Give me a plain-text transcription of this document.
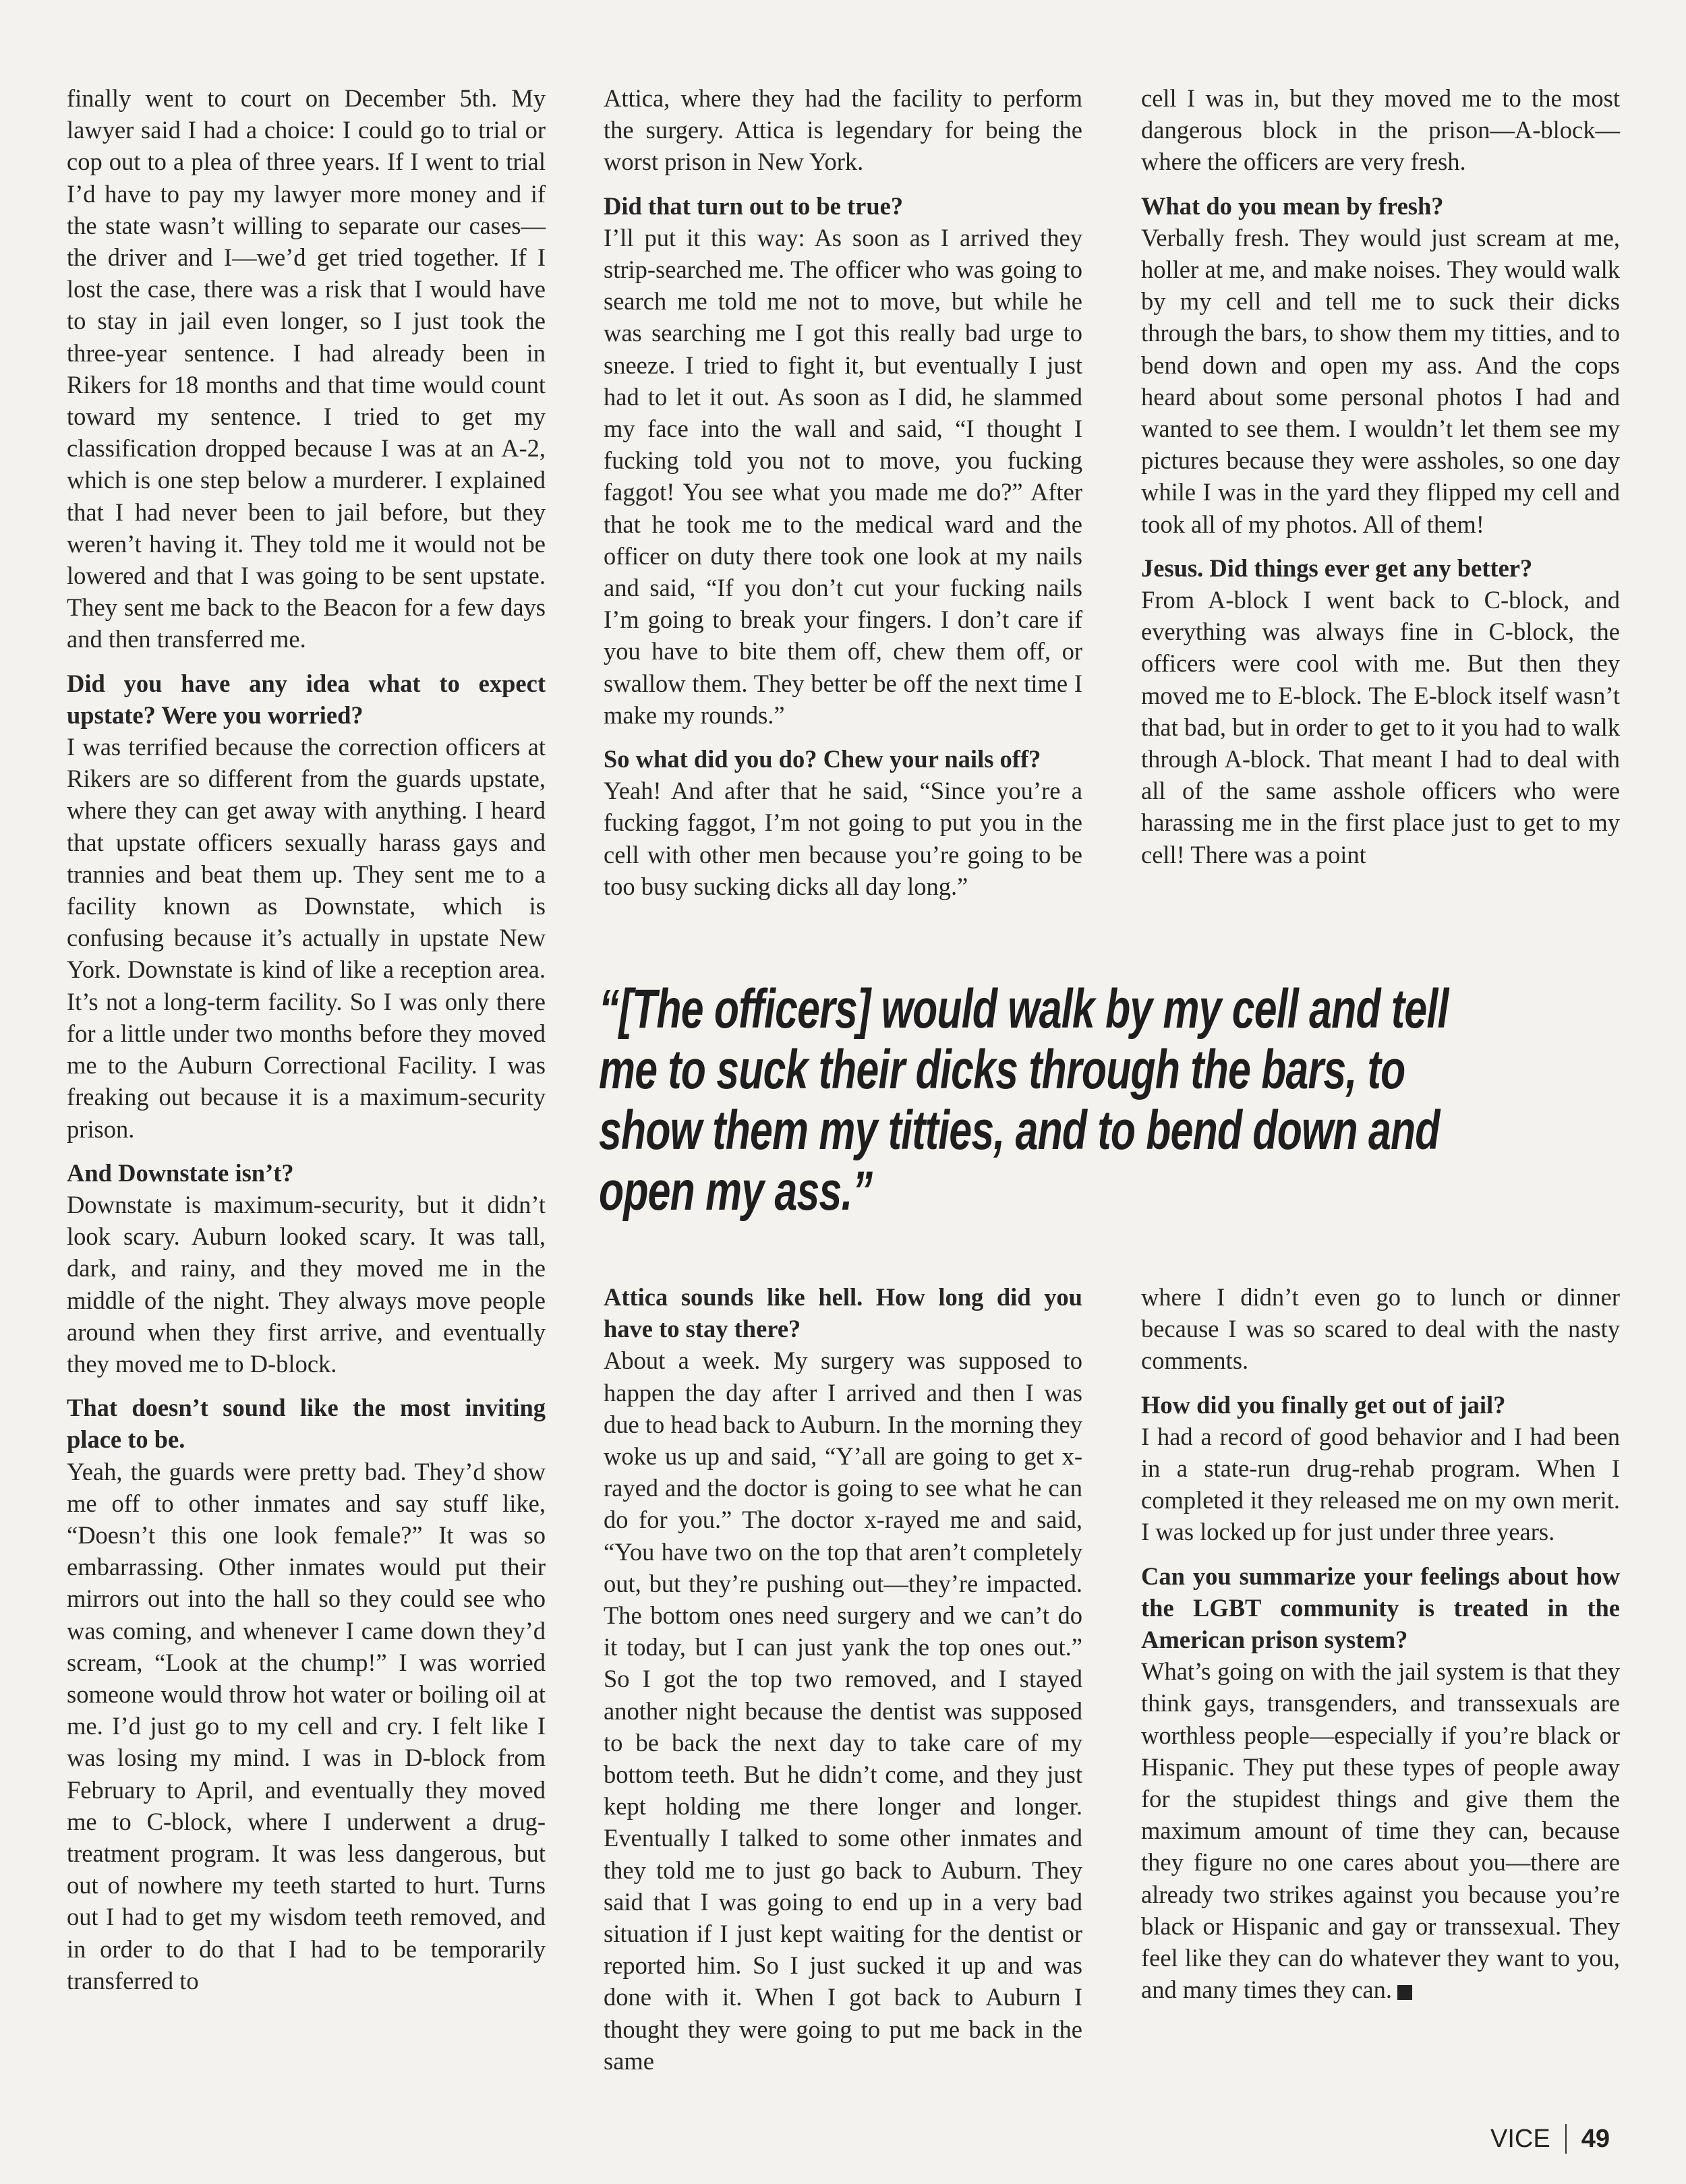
finally went to court on December 5th. My lawyer said I had a choice: I could go to trial or cop out to a plea of three years. If I went to trial I’d have to pay my lawyer more money and if the state wasn’t willing to separate our cases—the driver and I—we’d get tried together. If I lost the case, there was a risk that I would have to stay in jail even longer, so I just took the three-year sentence. I had already been in Rikers for 18 months and that time would count toward my sentence. I tried to get my classification dropped because I was at an A-2, which is one step below a murderer. I explained that I had never been to jail before, but they weren’t having it. They told me it would not be lowered and that I was going to be sent upstate. They sent me back to the Beacon for a few days and then transferred me.

Did you have any idea what to expect upstate? Were you worried?

I was terrified because the correction officers at Rikers are so different from the guards upstate, where they can get away with anything. I heard that upstate officers sexually harass gays and trannies and beat them up. They sent me to a facility known as Downstate, which is confusing because it’s actually in upstate New York. Downstate is kind of like a reception area. It’s not a long-term facility. So I was only there for a little under two months before they moved me to the Auburn Correctional Facility. I was freaking out because it is a maximum-security prison.

And Downstate isn’t?

Downstate is maximum-security, but it didn’t look scary. Auburn looked scary. It was tall, dark, and rainy, and they moved me in the middle of the night. They always move people around when they first arrive, and eventually they moved me to D-block.

That doesn’t sound like the most inviting place to be.

Yeah, the guards were pretty bad. They’d show me off to other inmates and say stuff like, “Doesn’t this one look female?” It was so embarrassing. Other inmates would put their mirrors out into the hall so they could see who was coming, and whenever I came down they’d scream, “Look at the chump!” I was worried someone would throw hot water or boiling oil at me. I’d just go to my cell and cry. I felt like I was losing my mind. I was in D-block from February to April, and eventually they moved me to C-block, where I underwent a drug-treatment program. It was less dangerous, but out of nowhere my teeth started to hurt. Turns out I had to get my wisdom teeth removed, and in order to do that I had to be temporarily transferred to

Attica, where they had the facility to perform the surgery. Attica is legendary for being the worst prison in New York.

Did that turn out to be true?

I’ll put it this way: As soon as I arrived they strip-searched me. The officer who was going to search me told me not to move, but while he was searching me I got this really bad urge to sneeze. I tried to fight it, but eventually I just had to let it out. As soon as I did, he slammed my face into the wall and said, “I thought I fucking told you not to move, you fucking faggot! You see what you made me do?” After that he took me to the medical ward and the officer on duty there took one look at my nails and said, “If you don’t cut your fucking nails I’m going to break your fingers. I don’t care if you have to bite them off, chew them off, or swallow them. They better be off the next time I make my rounds.”

So what did you do? Chew your nails off?

Yeah! And after that he said, “Since you’re a fucking faggot, I’m not going to put you in the cell with other men because you’re going to be too busy sucking dicks all day long.”

cell I was in, but they moved me to the most dangerous block in the prison—A-block—where the officers are very fresh.

What do you mean by fresh?

Verbally fresh. They would just scream at me, holler at me, and make noises. They would walk by my cell and tell me to suck their dicks through the bars, to show them my titties, and to bend down and open my ass. And the cops heard about some personal photos I had and wanted to see them. I wouldn’t let them see my pictures because they were assholes, so one day while I was in the yard they flipped my cell and took all of my photos. All of them!

Jesus. Did things ever get any better?

From A-block I went back to C-block, and everything was always fine in C-block, the officers were cool with me. But then they moved me to E-block. The E-block itself wasn’t that bad, but in order to get to it you had to walk through A-block. That meant I had to deal with all of the same asshole officers who were harassing me in the first place just to get to my cell! There was a point

“[The officers] would walk by my cell and tell
me to suck their dicks through the bars, to
show them my titties, and to bend down and
open my ass.”

Attica sounds like hell. How long did you have to stay there?

About a week. My surgery was supposed to happen the day after I arrived and then I was due to head back to Auburn. In the morning they woke us up and said, “Y’all are going to get x-rayed and the doctor is going to see what he can do for you.” The doctor x-rayed me and said, “You have two on the top that aren’t completely out, but they’re pushing out—they’re impacted. The bottom ones need surgery and we can’t do it today, but I can just yank the top ones out.” So I got the top two removed, and I stayed another night because the dentist was supposed to be back the next day to take care of my bottom teeth. But he didn’t come, and they just kept holding me there longer and longer. Eventually I talked to some other inmates and they told me to just go back to Auburn. They said that I was going to end up in a very bad situation if I just kept waiting for the dentist or reported him. So I just sucked it up and was done with it. When I got back to Auburn I thought they were going to put me back in the same

where I didn’t even go to lunch or dinner because I was so scared to deal with the nasty comments.

How did you finally get out of jail?

I had a record of good behavior and I had been in a state-run drug-rehab program. When I completed it they released me on my own merit. I was locked up for just under three years.

Can you summarize your feelings about how the LGBT community is treated in the American prison system?

What’s going on with the jail system is that they think gays, transgenders, and transsexuals are worthless people—especially if you’re black or Hispanic. They put these types of people away for the stupidest things and give them the maximum amount of time they can, because they figure no one cares about you—there are already two strikes against you because you’re black or Hispanic and gay or transsexual. They feel like they can do whatever they want to you, and many times they can.

VICE 49
